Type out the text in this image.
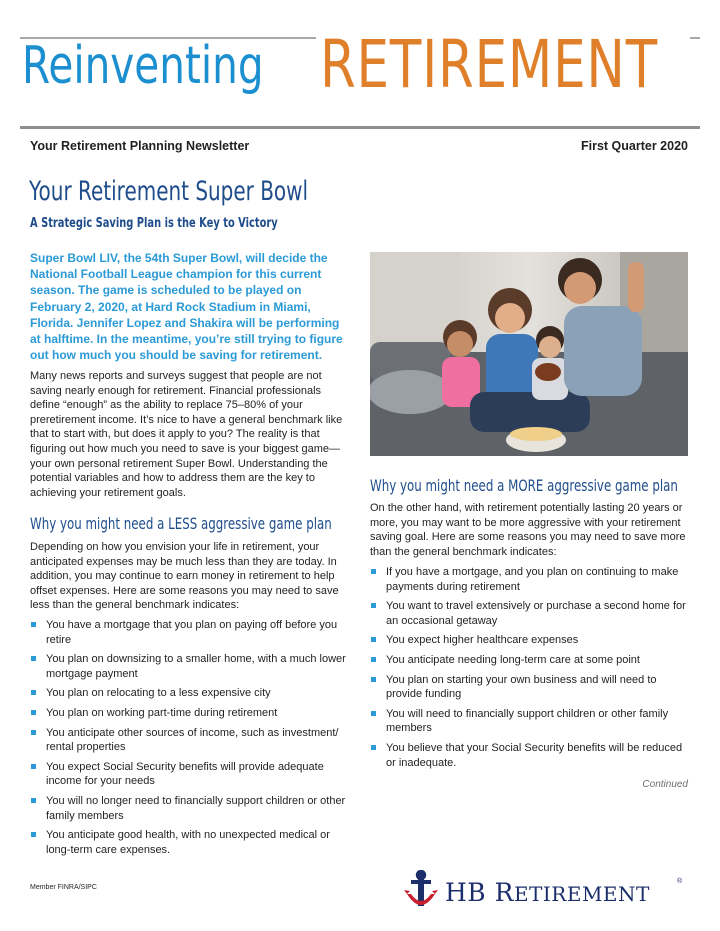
Reinventing RETIREMENT
Your Retirement Planning Newsletter	First Quarter 2020
Your Retirement Super Bowl
A Strategic Saving Plan is the Key to Victory

Super Bowl LIV, the 54th Super Bowl, will decide the National Football League champion for this current season. The game is scheduled to be played on February 2, 2020, at Hard Rock Stadium in Miami, Florida. Jennifer Lopez and Shakira will be performing at halftime. In the meantime, you’re still trying to figure out how much you should be saving for retirement.

Many news reports and surveys suggest that people are not saving nearly enough for retirement. Financial professionals define “enough” as the ability to replace 75–80% of your preretirement income. It’s nice to have a general benchmark like that to start with, but does it apply to you? The reality is that figuring out how much you need to save is your biggest game— your own personal retirement Super Bowl. Understanding the potential variables and how to address them are the key to achieving your retirement goals.

Why you might need a LESS aggressive game plan

Depending on how you envision your life in retirement, your anticipated expenses may be much less than they are today. In addition, you may continue to earn money in retirement to help offset expenses. Here are some reasons you may need to save less than the general benchmark indicates:

You have a mortgage that you plan on paying off before you retire
You plan on downsizing to a smaller home, with a much lower mortgage payment
You plan on relocating to a less expensive city
You plan on working part-time during retirement
You anticipate other sources of income, such as investment/ rental properties
You expect Social Security benefits will provide adequate income for your needs
You will no longer need to financially support children or other family members
You anticipate good health, with no unexpected medical or long-term care expenses.
Why you might need a MORE aggressive game plan

On the other hand, with retirement potentially lasting 20 years or more, you may want to be more aggressive with your retirement saving goal. Here are some reasons you may need to save more than the general benchmark indicates:

If you have a mortgage, and you plan on continuing to make payments during retirement
You want to travel extensively or purchase a second home for an occasional getaway
You expect higher healthcare expenses
You anticipate needing long-term care at some point
You plan on starting your own business and will need to provide funding
You will need to financially support children or other family members
You believe that your Social Security benefits will be reduced or inadequate.
Continued
Member FINRA/SIPC	HB RETIREMENT
®
